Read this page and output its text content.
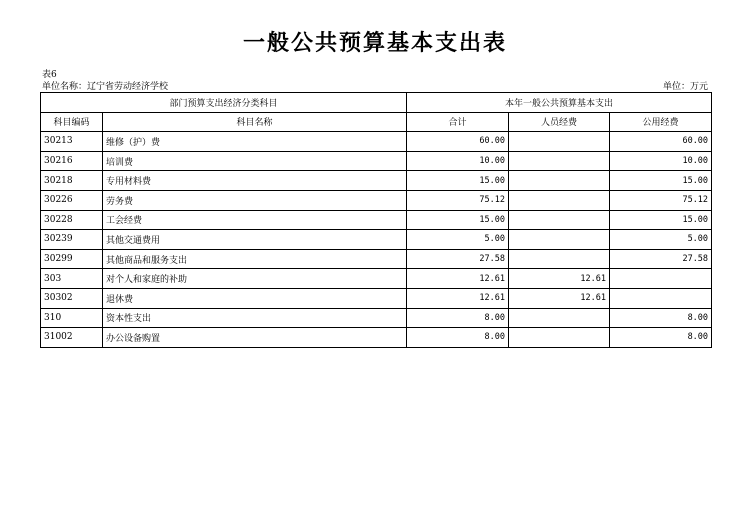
一般公共预算基本支出表
表6
单位名称：辽宁省劳动经济学校	单位：万元
部门预算支出经济分类科目		本年一般公共预算基本支出		
科目编码	科目名称	合计	人员经费	公用经费
30213	维修（护）费	60.00		60.00
30216	培训费	10.00		10.00
30218	专用材料费	15.00		15.00
30226	劳务费	75.12		75.12
30228	工会经费	15.00		15.00
30239	其他交通费用	5.00		5.00
30299	其他商品和服务支出	27.58		27.58
303	对个人和家庭的补助	12.61	12.61	
30302	退休费	12.61	12.61	
310	资本性支出	8.00		8.00
31002	办公设备购置	8.00		8.00
